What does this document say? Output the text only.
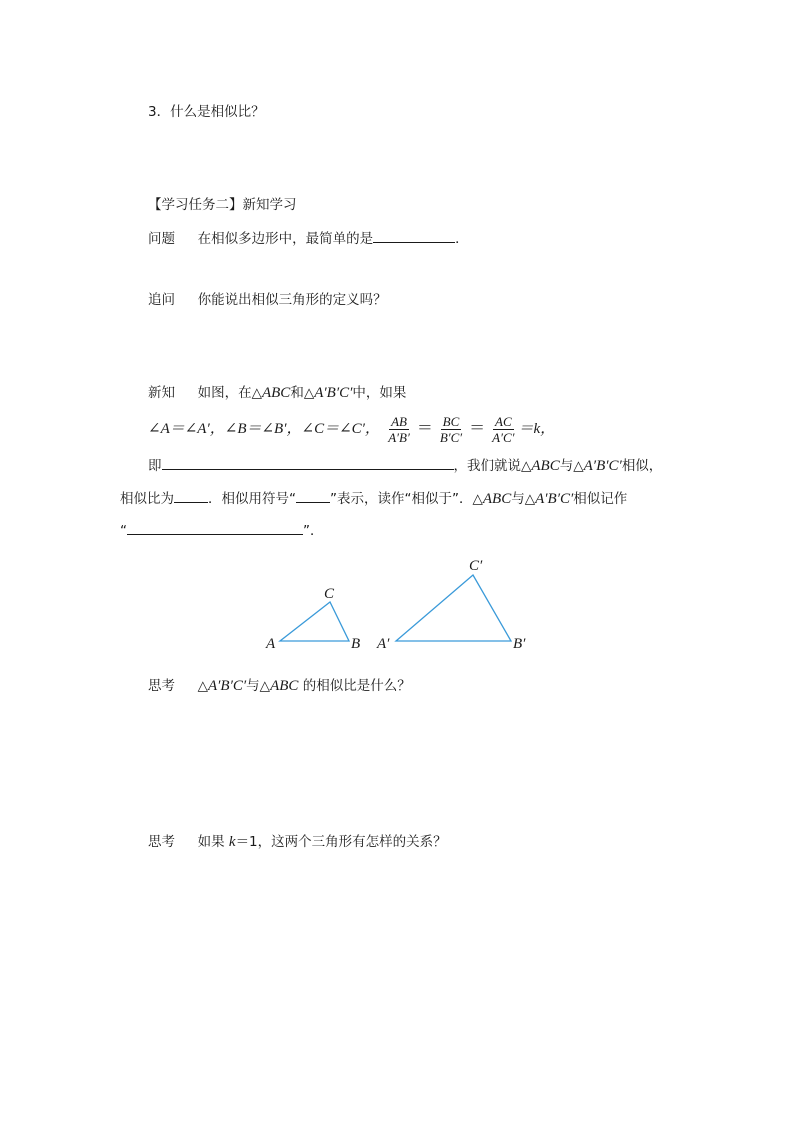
3．什么是相似比？
【学习任务二】新知学习
问题 在相似多边形中，最简单的是	．
追问 你能说出相似三角形的定义吗？
新知 如图，在△ABC和△A′B′C′中，如果
∠A＝∠A′，∠B＝∠B′，∠C＝∠C′， $\frac{AB}{A'B'} = \frac{BC}{B'C'} = \frac{AC}{A'C'} =k$，
即	，我们就说△ABC与△A′B′C′相似，
相似比为	．相似用符号“	”表示，读作“相似于”．△ABC与△A′B′C′相似记作
“	”．
A	B
C
A′	B′
C′
思考 △A′B′C′与△ABC 的相似比是什么？
思考 如果 k＝1，这两个三角形有怎样的关系？
